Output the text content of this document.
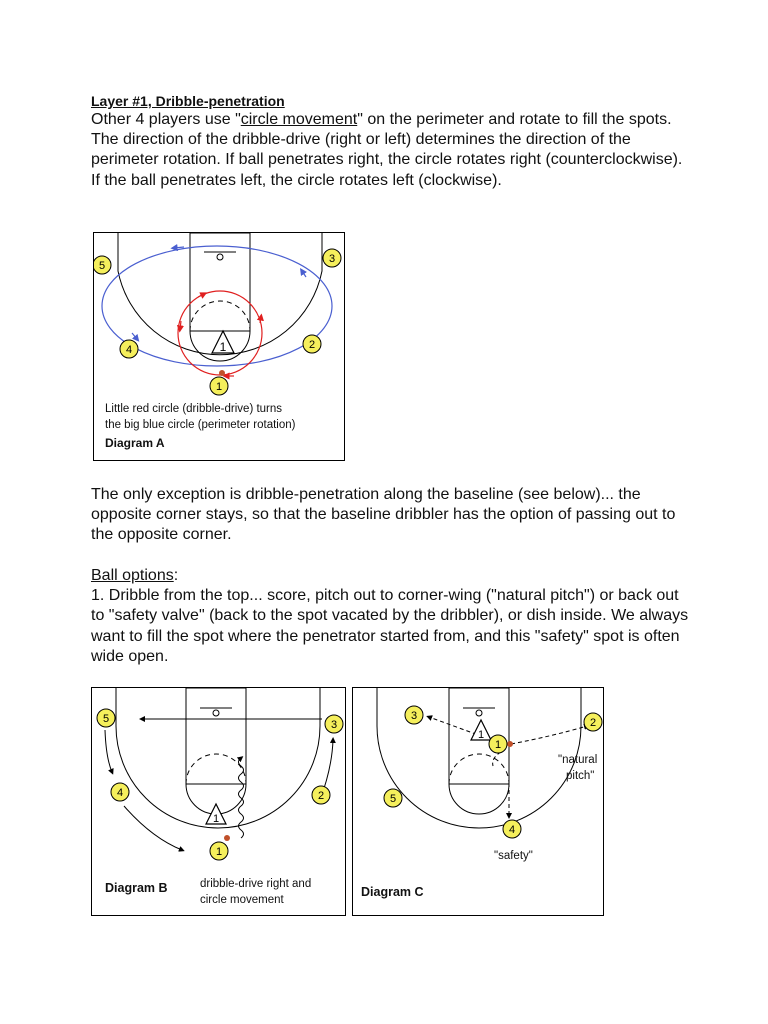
Layer #1, Dribble-penetration
Other 4 players use "circle movement" on the perimeter and rotate to fill the spots. The direction of the dribble-drive (right or left) determines the direction of the perimeter rotation. If ball penetrates right, the circle rotates right (counterclockwise). If the ball penetrates left, the circle rotates left (clockwise).
1
5
3
4	2
1
Little red circle (dribble-drive) turns
the big blue circle (perimeter rotation)
Diagram A
The only exception is dribble-penetration along the baseline (see below)... the opposite corner stays, so that the baseline dribbler has the option of passing out to the opposite corner.
Ball options:
1. Dribble from the top... score, pitch out to corner-wing ("natural pitch") or back out to "safety valve" (back to the spot vacated by the dribbler), or dish inside. We always want to fill the spot where the penetrator started from, and this "safety" spot is often wide open.
1
5	3
4	2
1
Diagram B	dribble-drive right and
circle movement
1
3
2
5
1
4
"natural
pitch"
"safety"
Diagram C
